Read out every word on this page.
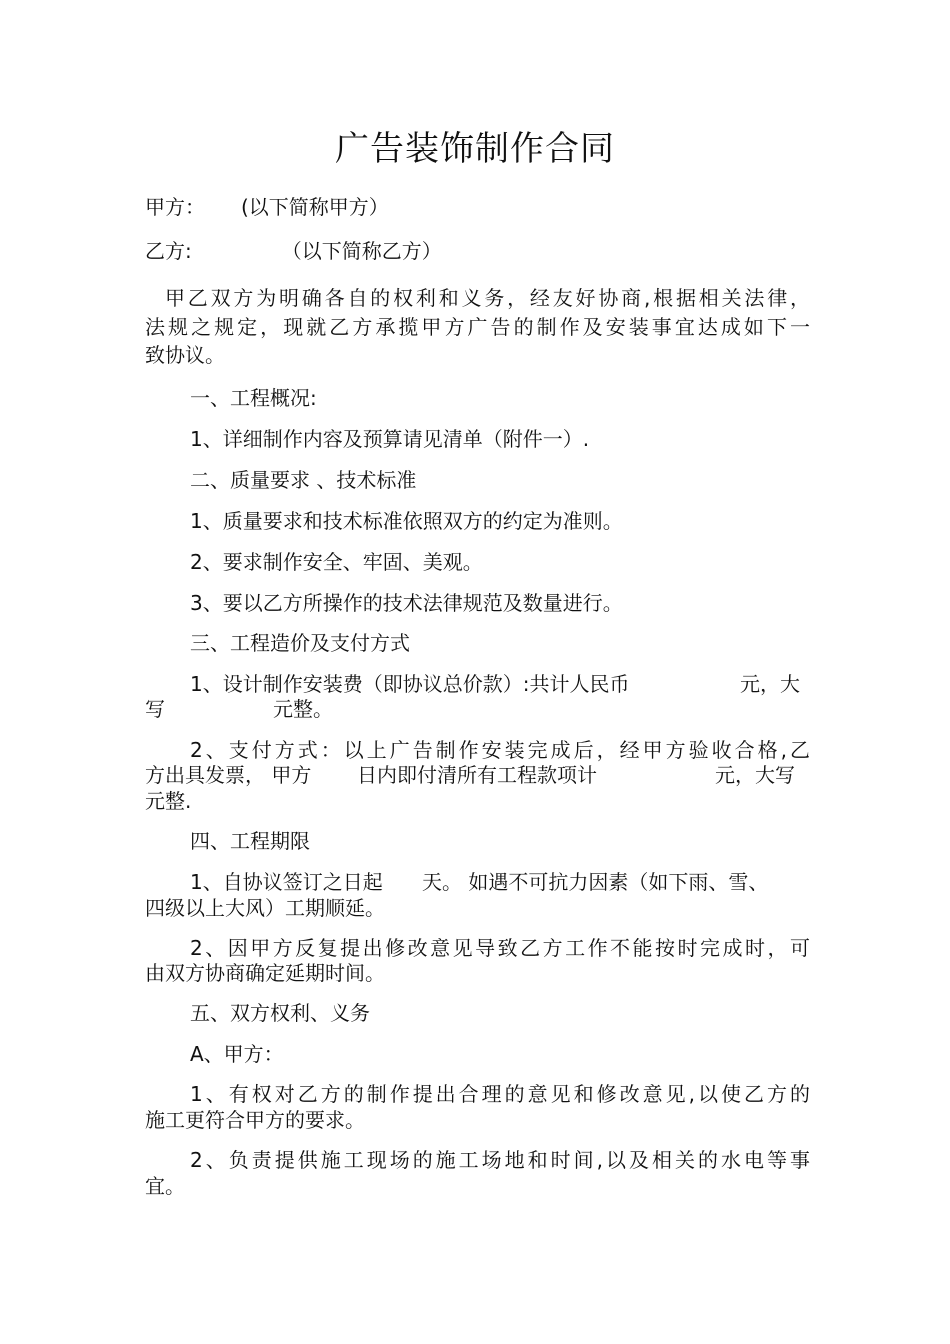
广告装饰制作合同
甲方： (以下简称甲方）
乙方:	（以下简称乙方）
甲乙双方为明确各自的权利和义务，经友好协商,根据相关法律，
法规之规定，现就乙方承揽甲方广告的制作及安装事宜达成如下一
致协议。
一、工程概况:
1、详细制作内容及预算请见清单（附件一）.
二、质量要求 、技术标准
1、质量要求和技术标准依照双方的约定为准则。
2、要求制作安全、牢固、美观。
3、要以乙方所操作的技术法律规范及数量进行。
三、工程造价及支付方式
1、设计制作安装费（即协议总价款）:共计人民币	元，大
写	元整。
2、支付方式：以上广告制作安装完成后，经甲方验收合格,乙
方出具发票， 甲方 日内即付清所有工程款项计	元，大写
元整.
四、工程期限
1、自协议签订之日起 天。 如遇不可抗力因素（如下雨、雪、
四级以上大风）工期顺延。
2、因甲方反复提出修改意见导致乙方工作不能按时完成时，可
由双方协商确定延期时间。
五、双方权利、义务
A、甲方：
1、有权对乙方的制作提出合理的意见和修改意见,以使乙方的
施工更符合甲方的要求。
2、负责提供施工现场的施工场地和时间,以及相关的水电等事
宜。
